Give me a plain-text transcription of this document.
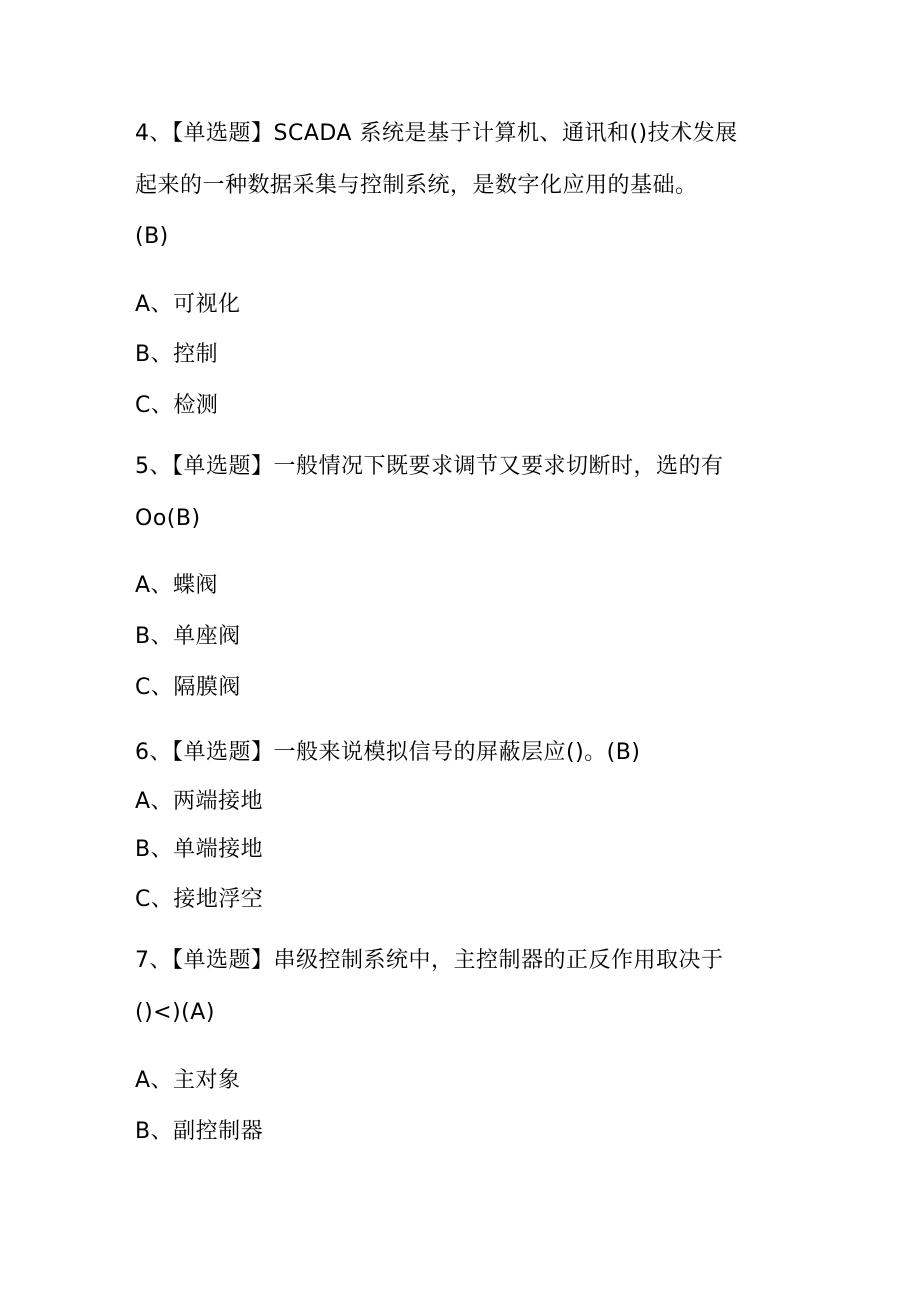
4、【单选题】SCADA 系统是基于计算机、通讯和()技术发展
起来的一种数据采集与控制系统，是数字化应用的基础。
(B)
A、可视化
B、控制
C、检测
5、【单选题】一般情况下既要求调节又要求切断时，选的有
Oo(B)
A、蝶阀
B、单座阀
C、隔膜阀
6、【单选题】一般来说模拟信号的屏蔽层应()。(B)
A、两端接地
B、单端接地
C、接地浮空
7、【单选题】串级控制系统中，主控制器的正反作用取决于
()<)(A)
A、主对象
B、副控制器
